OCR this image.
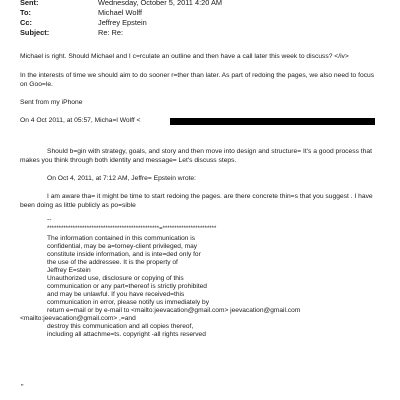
Sent:	Wednesday, October 5, 2011 4:20 AM
To:	Michael Wolff
Cc:	Jeffrey Epstein
Subject:	Re: Re:
Michael is right. Should Michael and I c=rculate an outline and then have a call later this week to discuss? </iv>
In the interests of time we should aim to do sooner r=ther than later. As part of redoing the pages, we also need to focus
on Goo=le.
Sent from my iPhone
On 4 Oct 2011, at 05:57, Micha=l Wolff <
Should b=gin with strategy, goals, and story and then move into design and structure= It's a good process that
makes you think through both identity and message= Let's discuss steps.
On Oct 4, 2011, at 7:12 AM, Jeffre= Epstein wrote:
I am aware tha= it might be time to start redoing the pages. are there concrete thin=s that you suggest . I have
been doing as little publicly as po=sible
--
************************************************=***********************
The information contained in this communication is
confidential, may be a=torney-client privileged, may
constitute inside information, and is inte=ded only for
the use of the addressee. It is the property of
Jeffrey E=stein
Unauthorized use, disclosure or copying of this
communication or any part=thereof is strictly prohibited
and may be unlawful. If you have received=this
communication in error, please notify us immediately by
return e=mail or by e-mail to <mailto:jeevacation@gmail.com> jeevacation@gmail.com
<mailto:jeevacation@gmail.com> ,=and
destroy this communication and all copies thereof,
including all attachme=ts. copyright -all rights reserved
"
